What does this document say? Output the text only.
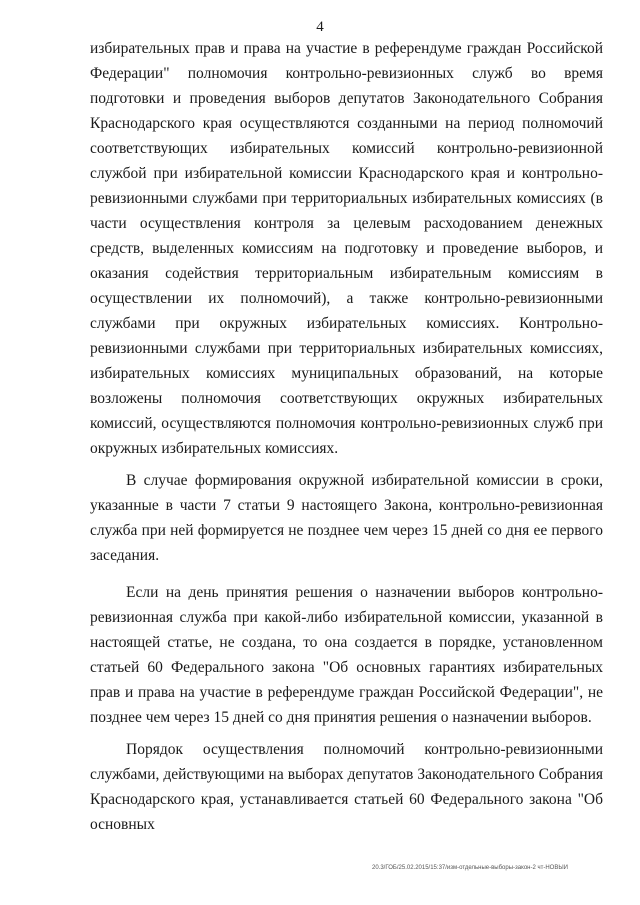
4

избирательных прав и права на участие в референдуме граждан Российской Федерации" полномочия контрольно-ревизионных служб во время подготовки и проведения выборов депутатов Законодательного Собрания Краснодарского края осуществляются созданными на период полномочий соответствующих избирательных комиссий контрольно-ревизионной службой при избирательной комиссии Краснодарского края и контрольно-ревизионными службами при территориальных избирательных комиссиях (в части осуществления контроля за целевым расходованием денежных средств, выделенных комиссиям на подготовку и проведение выборов, и оказания содействия территориальным избирательным комиссиям в осуществлении их полномочий), а также контрольно-ревизионными службами при окружных избирательных комиссиях. Контрольно-ревизионными службами при территориальных избирательных комиссиях, избирательных комиссиях муниципальных образований, на которые возложены полномочия соответствующих окружных избирательных комиссий, осуществляются полномочия контрольно-ревизионных служб при окружных избирательных комиссиях.

В случае формирования окружной избирательной комиссии в сроки, указанные в части 7 статьи 9 настоящего Закона, контрольно-ревизионная служба при ней формируется не позднее чем через 15 дней со дня ее первого заседания.

Если на день принятия решения о назначении выборов контрольно-ревизионная служба при какой-либо избирательной комиссии, указанной в настоящей статье, не создана, то она создается в порядке, установленном статьей 60 Федерального закона "Об основных гарантиях избирательных прав и права на участие в референдуме граждан Российской Федерации", не позднее чем через 15 дней со дня принятия решения о назначении выборов.

Порядок осуществления полномочий контрольно-ревизионными службами, действующими на выборах депутатов Законодательного Собрания Краснодарского края, устанавливается статьей 60 Федерального закона "Об основных

20.3/ГОБ/25.02.2015/15:37/изм-отдельные-выборы-закон-2 чт-НОВЫЙ
